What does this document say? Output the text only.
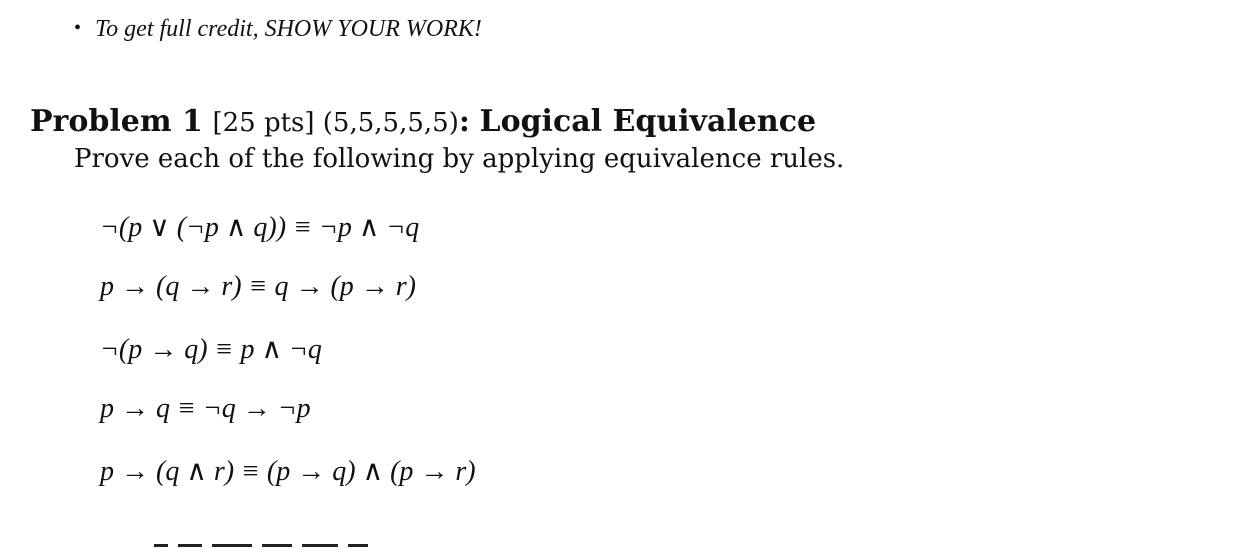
• To get full credit, SHOW YOUR WORK!
Problem 1 [25 pts] (5,5,5,5,5): Logical Equivalence
Prove each of the following by applying equivalence rules.
¬(p ∨ (¬p ∧ q)) ≡ ¬p ∧ ¬q
p → (q → r) ≡ q → (p → r)
¬(p → q) ≡ p ∧ ¬q
p → q ≡ ¬q → ¬p
p → (q ∧ r) ≡ (p → q) ∧ (p → r)
